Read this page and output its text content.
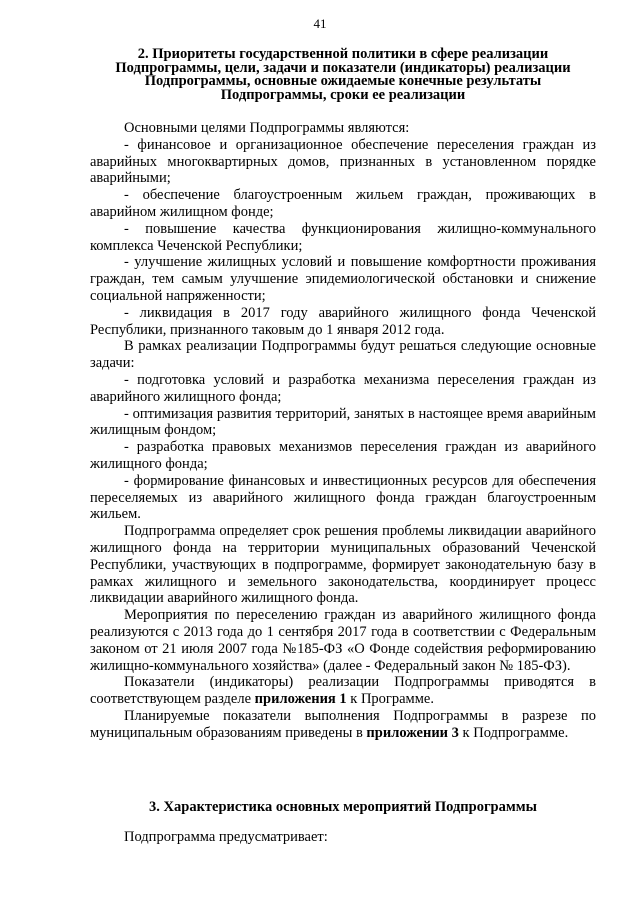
41
2. Приоритеты государственной политики в сфере реализации
Подпрограммы, цели, задачи и показатели (индикаторы) реализации
Подпрограммы, основные ожидаемые конечные результаты
Подпрограммы, сроки ее реализации

Основными целями Подпрограммы являются:

- финансовое и организационное обеспечение переселения граждан из аварийных многоквартирных домов, признанных в установленном порядке аварийными;

- обеспечение благоустроенным жильем граждан, проживающих в аварийном жилищном фонде;

- повышение качества функционирования жилищно-коммунального комплекса Чеченской Республики;

- улучшение жилищных условий и повышение комфортности проживания граждан, тем самым улучшение эпидемиологической обстановки и снижение социальной напряженности;

- ликвидация в 2017 году аварийного жилищного фонда Чеченской Республики, признанного таковым до 1 января 2012 года.

В рамках реализации Подпрограммы будут решаться следующие основные задачи:

- подготовка условий и разработка механизма переселения граждан из аварийного жилищного фонда;

- оптимизация развития территорий, занятых в настоящее время аварийным жилищным фондом;

- разработка правовых механизмов переселения граждан из аварийного жилищного фонда;

- формирование финансовых и инвестиционных ресурсов для обеспечения переселяемых из аварийного жилищного фонда граждан благоустроенным жильем.

Подпрограмма определяет срок решения проблемы ликвидации аварийного жилищного фонда на территории муниципальных образований Чеченской Республики, участвующих в подпрограмме, формирует законодательную базу в рамках жилищного и земельного законодательства, координирует процесс ликвидации аварийного жилищного фонда.

Мероприятия по переселению граждан из аварийного жилищного фонда реализуются с 2013 года до 1 сентября 2017 года в соответствии с Федеральным законом от 21 июля 2007 года №185-ФЗ «О Фонде содействия реформированию жилищно-коммунального хозяйства» (далее - Федеральный закон № 185-ФЗ).

Показатели (индикаторы) реализации Подпрограммы приводятся в соответствующем разделе приложения 1 к Программе.

Планируемые показатели выполнения Подпрограммы в разрезе по муниципальным образованиям приведены в приложении 3 к Подпрограмме.

3. Характеристика основных мероприятий Подпрограммы
Подпрограмма предусматривает:
